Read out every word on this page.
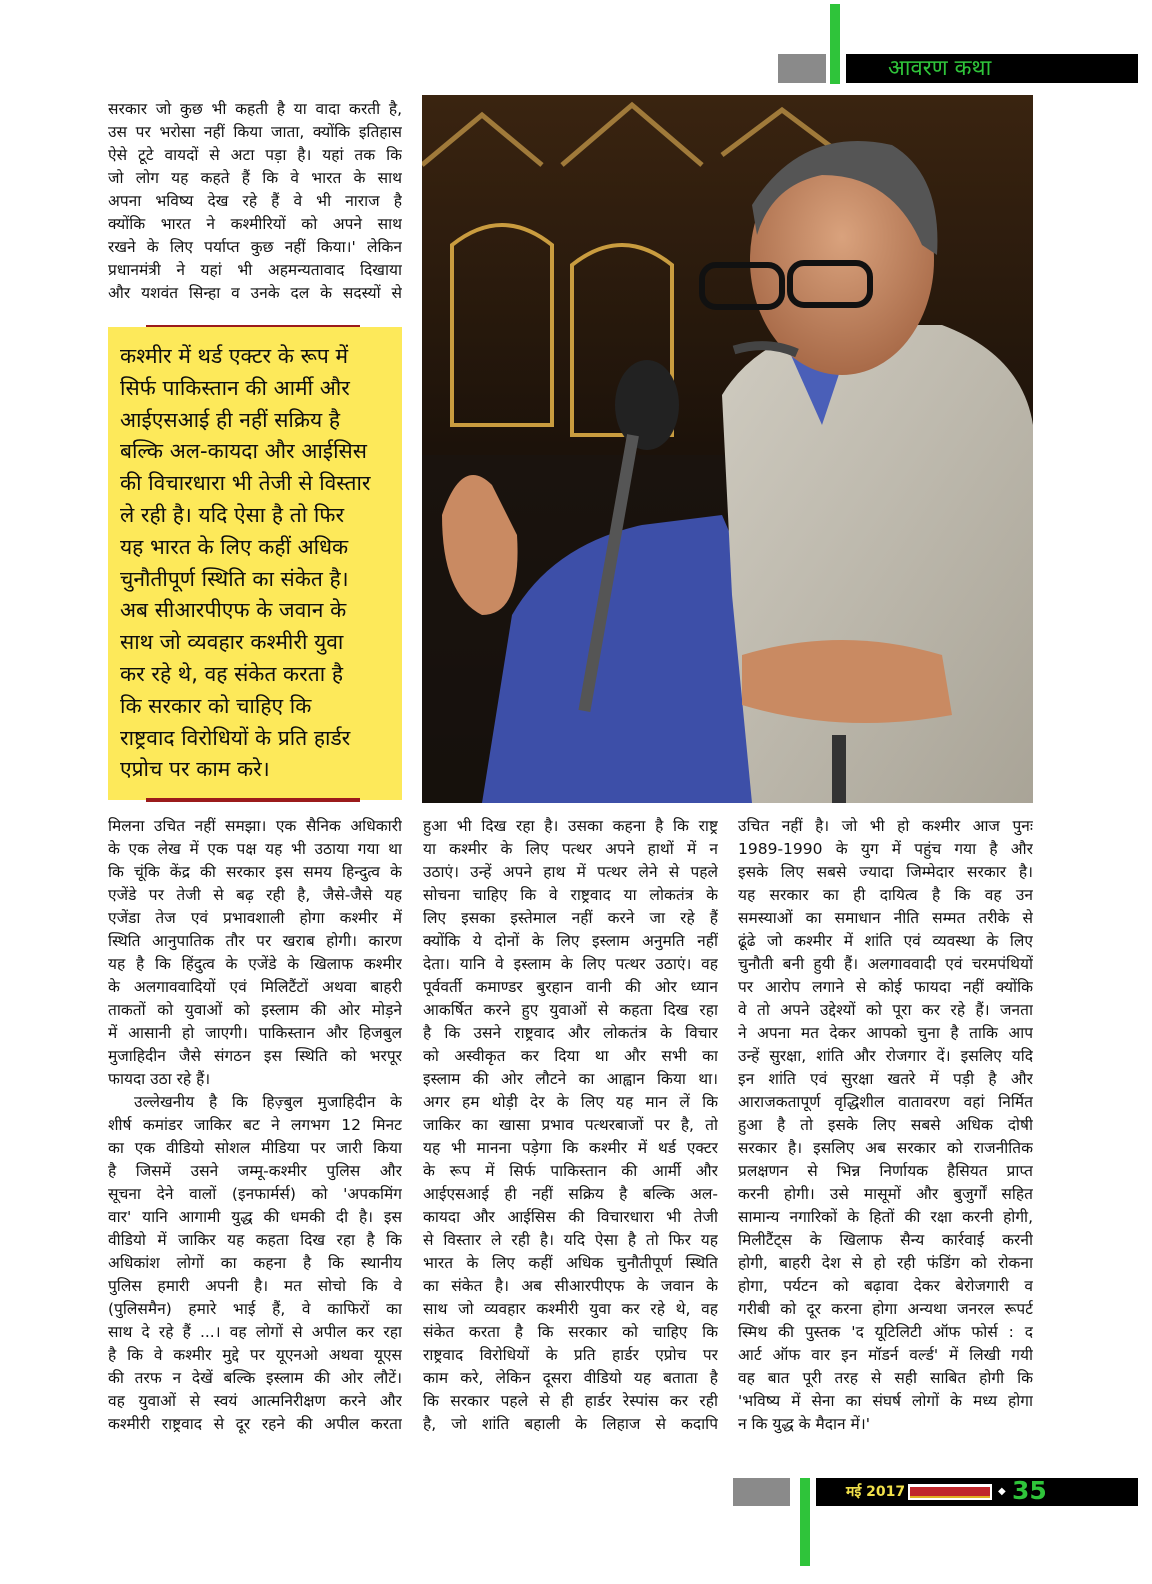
आवरण कथा
सरकार जो कुछ भी कहती है या वादा करती है,
उस पर भरोसा नहीं किया जाता, क्योंकि इतिहास
ऐसे टूटे वायदों से अटा पड़ा है। यहां तक कि
जो लोग यह कहते हैं कि वे भारत के साथ
अपना भविष्य देख रहे हैं वे भी नाराज है
क्योंकि भारत ने कश्मीरियों को अपने साथ
रखने के लिए पर्याप्त कुछ नहीं किया।' लेकिन
प्रधानमंत्री ने यहां भी अहमन्यतावाद दिखाया
और यशवंत सिन्हा व उनके दल के सदस्यों से
कश्मीर में थर्ड एक्टर के रूप में
सिर्फ पाकिस्तान की आर्मी और
आईएसआई ही नहीं सक्रिय है
बल्कि अल-कायदा और आईसिस
की विचारधारा भी तेजी से विस्तार
ले रही है। यदि ऐसा है तो फिर
यह भारत के लिए कहीं अधिक
चुनौतीपूर्ण स्थिति का संकेत है।
अब सीआरपीएफ के जवान के
साथ जो व्यवहार कश्मीरी युवा
कर रहे थे, वह संकेत करता है
कि सरकार को चाहिए कि
राष्ट्रवाद विरोधियों के प्रति हार्डर
एप्रोच पर काम करे।
मिलना उचित नहीं समझा। एक सैनिक अधिकारी
के एक लेख में एक पक्ष यह भी उठाया गया था
कि चूंकि केंद्र की सरकार इस समय हिन्दुत्व के
एजेंडे पर तेजी से बढ़ रही है, जैसे-जैसे यह
एजेंडा तेज एवं प्रभावशाली होगा कश्मीर में
स्थिति आनुपातिक तौर पर खराब होगी। कारण
यह है कि हिंदुत्व के एजेंडे के खिलाफ कश्मीर
के अलगाववादियों एवं मिलिटैंटों अथवा बाहरी
ताकतों को युवाओं को इस्लाम की ओर मोड़ने
में आसानी हो जाएगी। पाकिस्तान और हिजबुल
मुजाहिदीन जैसे संगठन इस स्थिति को भरपूर
फायदा उठा रहे हैं।
उल्लेखनीय है कि हिज़्बुल मुजाहिदीन के
शीर्ष कमांडर जाकिर बट ने लगभग 12 मिनट
का एक वीडियो सोशल मीडिया पर जारी किया
है जिसमें उसने जम्मू-कश्मीर पुलिस और
सूचना देने वालों (इनफार्मर्स) को 'अपकमिंग
वार' यानि आगामी युद्ध की धमकी दी है। इस
वीडियो में जाकिर यह कहता दिख रहा है कि
अधिकांश लोगों का कहना है कि स्थानीय
पुलिस हमारी अपनी है। मत सोचो कि वे
(पुलिसमैन) हमारे भाई हैं, वे काफिरों का
साथ दे रहे हैं ...। वह लोगों से अपील कर रहा
है कि वे कश्मीर मुद्दे पर यूएनओ अथवा यूएस
की तरफ न देखें बल्कि इस्लाम की ओर लौटें।
वह युवाओं से स्वयं आत्मनिरीक्षण करने और
कश्मीरी राष्ट्रवाद से दूर रहने की अपील करता
हुआ भी दिख रहा है। उसका कहना है कि राष्ट्र
या कश्मीर के लिए पत्थर अपने हाथों में न
उठाएं। उन्हें अपने हाथ में पत्थर लेने से पहले
सोचना चाहिए कि वे राष्ट्रवाद या लोकतंत्र के
लिए इसका इस्तेमाल नहीं करने जा रहे हैं
क्योंकि ये दोनों के लिए इस्लाम अनुमति नहीं
देता। यानि वे इस्लाम के लिए पत्थर उठाएं। वह
पूर्ववर्ती कमाण्डर बुरहान वानी की ओर ध्यान
आकर्षित करने हुए युवाओं से कहता दिख रहा
है कि उसने राष्ट्रवाद और लोकतंत्र के विचार
को अस्वीकृत कर दिया था और सभी का
इस्लाम की ओर लौटने का आह्वान किया था।
अगर हम थोड़ी देर के लिए यह मान लें कि
जाकिर का खासा प्रभाव पत्थरबाजों पर है, तो
यह भी मानना पड़ेगा कि कश्मीर में थर्ड एक्टर
के रूप में सिर्फ पाकिस्तान की आर्मी और
आईएसआई ही नहीं सक्रिय है बल्कि अल-
कायदा और आईसिस की विचारधारा भी तेजी
से विस्तार ले रही है। यदि ऐसा है तो फिर यह
भारत के लिए कहीं अधिक चुनौतीपूर्ण स्थिति
का संकेत है। अब सीआरपीएफ के जवान के
साथ जो व्यवहार कश्मीरी युवा कर रहे थे, वह
संकेत करता है कि सरकार को चाहिए कि
राष्ट्रवाद विरोधियों के प्रति हार्डर एप्रोच पर
काम करे, लेकिन दूसरा वीडियो यह बताता है
कि सरकार पहले से ही हार्डर रेस्पांस कर रही
है, जो शांति बहाली के लिहाज से कदापि
उचित नहीं है। जो भी हो कश्मीर आज पुनः
1989-1990 के युग में पहुंच गया है और
इसके लिए सबसे ज्यादा जिम्मेदार सरकार है।
यह सरकार का ही दायित्व है कि वह उन
समस्याओं का समाधान नीति सम्मत तरीके से
ढूंढे जो कश्मीर में शांति एवं व्यवस्था के लिए
चुनौती बनी हुयी हैं। अलगाववादी एवं चरमपंथियों
पर आरोप लगाने से कोई फायदा नहीं क्योंकि
वे तो अपने उद्देश्यों को पूरा कर रहे हैं। जनता
ने अपना मत देकर आपको चुना है ताकि आप
उन्हें सुरक्षा, शांति और रोजगार दें। इसलिए यदि
इन शांति एवं सुरक्षा खतरे में पड़ी है और
आराजकतापूर्ण वृद्धिशील वातावरण वहां निर्मित
हुआ है तो इसके लिए सबसे अधिक दोषी
सरकार है। इसलिए अब सरकार को राजनीतिक
प्रलक्षणन से भिन्न निर्णायक हैसियत प्राप्त
करनी होगी। उसे मासूमों और बुजुर्गों सहित
सामान्य नगारिकों के हितों की रक्षा करनी होगी,
मिलीटैंट्स के खिलाफ सैन्य कार्रवाई करनी
होगी, बाहरी देश से हो रही फंडिंग को रोकना
होगा, पर्यटन को बढ़ावा देकर बेरोजगारी व
गरीबी को दूर करना होगा अन्यथा जनरल रूपर्ट
स्मिथ की पुस्तक 'द यूटिलिटी ऑफ फोर्स : द
आर्ट ऑफ वार इन मॉडर्न वर्ल्ड' में लिखी गयी
वह बात पूरी तरह से सही साबित होगी कि
'भविष्य में सेना का संघर्ष लोगों के मध्य होगा
न कि युद्ध के मैदान में।'
मई 2017	◆ 35
